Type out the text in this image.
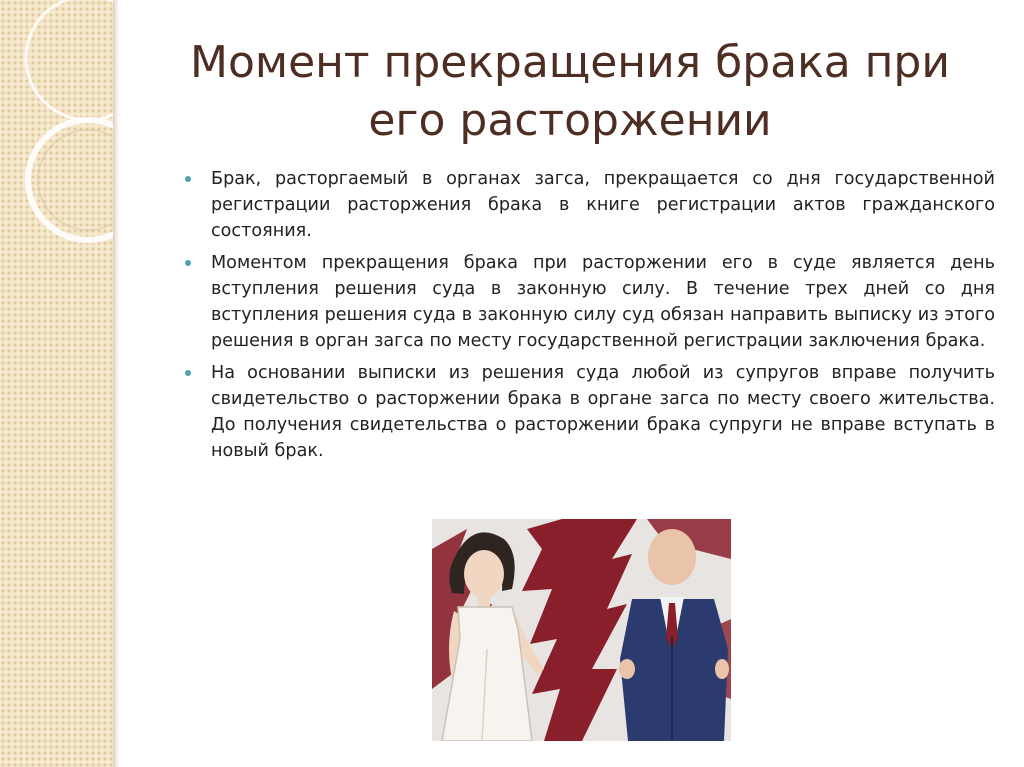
Момент прекращения брака при
его расторжении
Брак, расторгаемый в органах загса, прекращается со дня государственной регистрации расторжения брака в книге регистрации актов гражданского состояния.
Моментом прекращения брака при расторжении его в суде является день вступления решения суда в законную силу. В течение трех дней со дня вступления решения суда в законную силу суд обязан направить выписку из этого решения в орган загса по месту государственной регистрации заключения брака.
На основании выписки из решения суда любой из супругов вправе получить свидетельство о расторжении брака в органе загса по месту своего жительства. До получения свидетельства о расторжении брака супруги не вправе вступать в новый брак.
